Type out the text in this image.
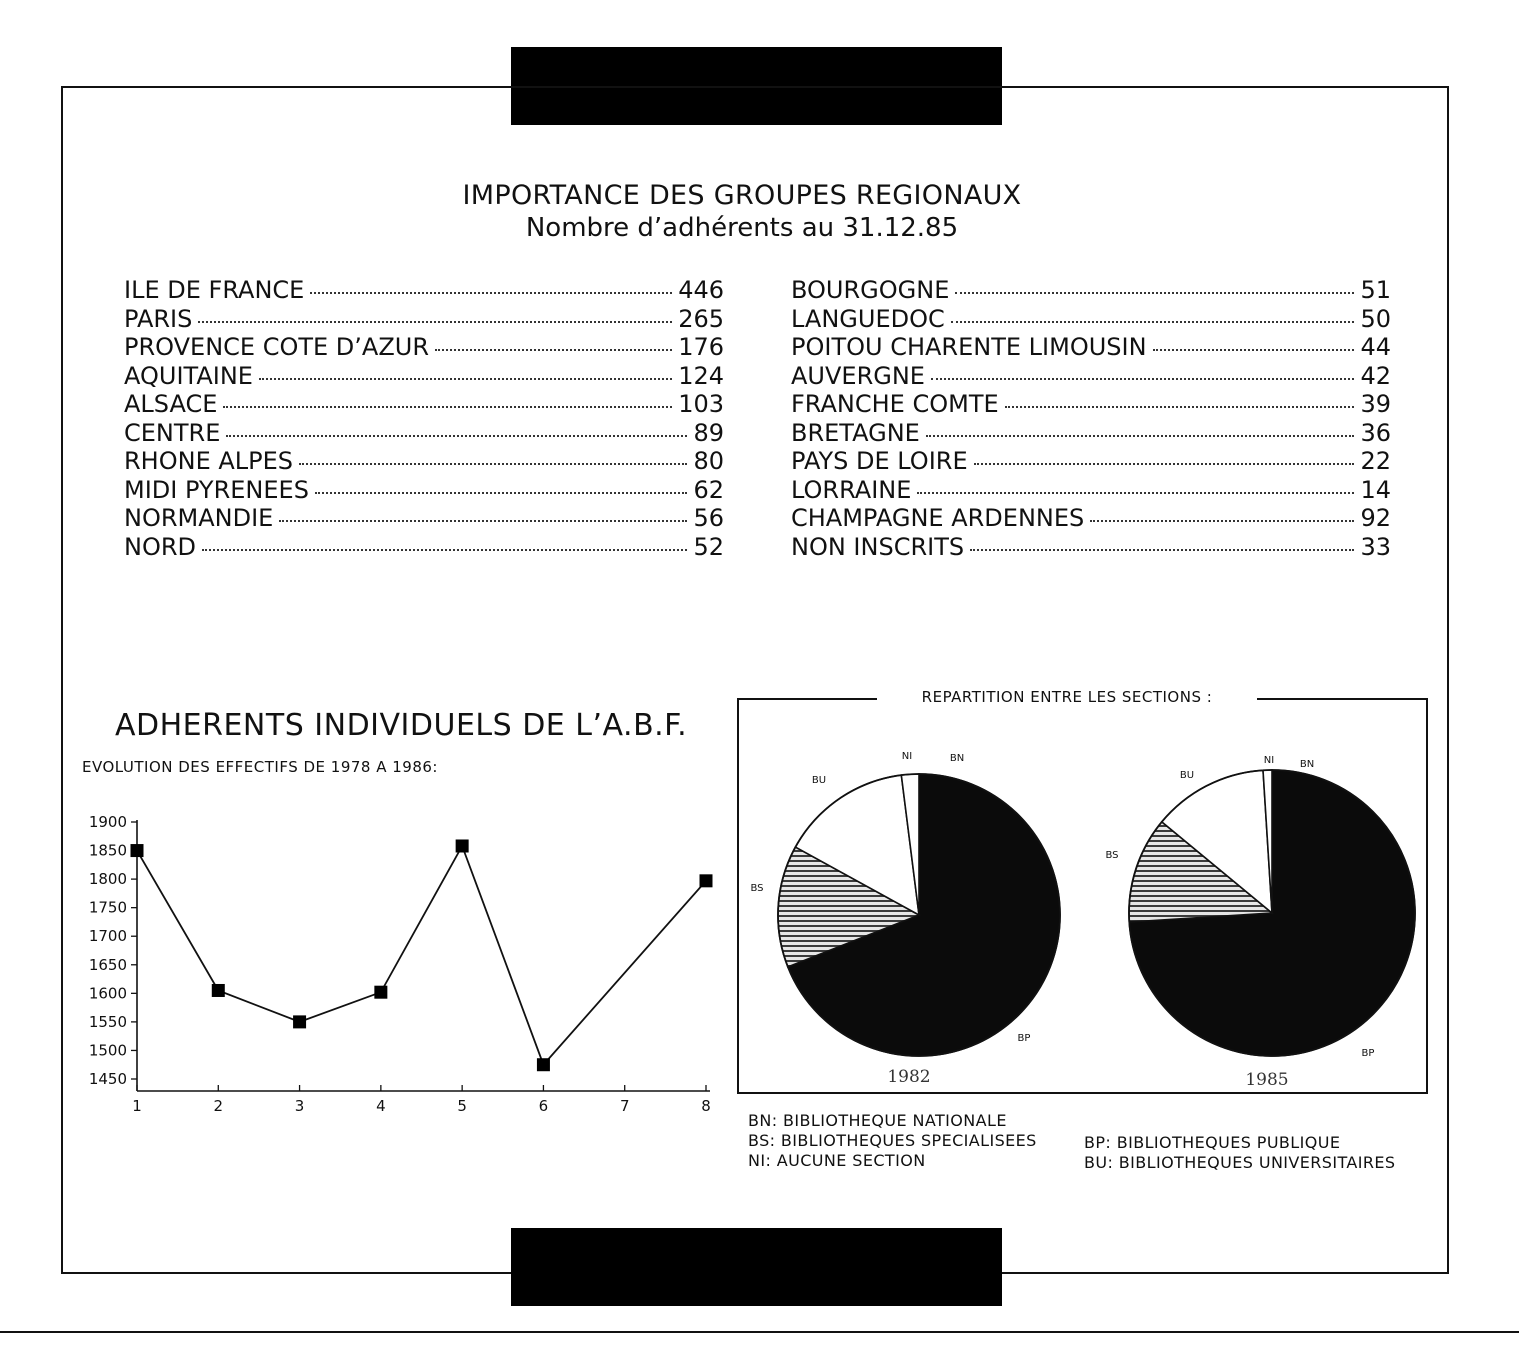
IMPORTANCE DES GROUPES REGIONAUX
Nombre d’adhérents au 31.12.85
ILE DE FRANCE	446
PARIS	265
PROVENCE COTE D’AZUR	176
AQUITAINE	124
ALSACE	103
CENTRE	89
RHONE ALPES	80
MIDI PYRENEES	62
NORMANDIE	56
NORD	52
BOURGOGNE	51
LANGUEDOC	50
POITOU CHARENTE LIMOUSIN	44
AUVERGNE	42
FRANCHE COMTE	39
BRETAGNE	36
PAYS DE LOIRE	22
LORRAINE	14
CHAMPAGNE ARDENNES	92
NON INSCRITS	33
ADHERENTS INDIVIDUELS DE L’A.B.F.
EVOLUTION DES EFFECTIFS DE 1978 A 1986:
1900
1850
1800
1750
1700
1650
1600
1550
1500
1450
1	2	3	4	5	6	7	8
REPARTITION ENTRE LES SECTIONS :
BN
BP
BS
BU
NI
1982
BN
BP
BS
BU
NI
1985
BN: BIBLIOTHEQUE NATIONALE
BS: BIBLIOTHEQUES SPECIALISEES
NI: AUCUNE SECTION
BP: BIBLIOTHEQUES PUBLIQUE
BU: BIBLIOTHEQUES UNIVERSITAIRES
